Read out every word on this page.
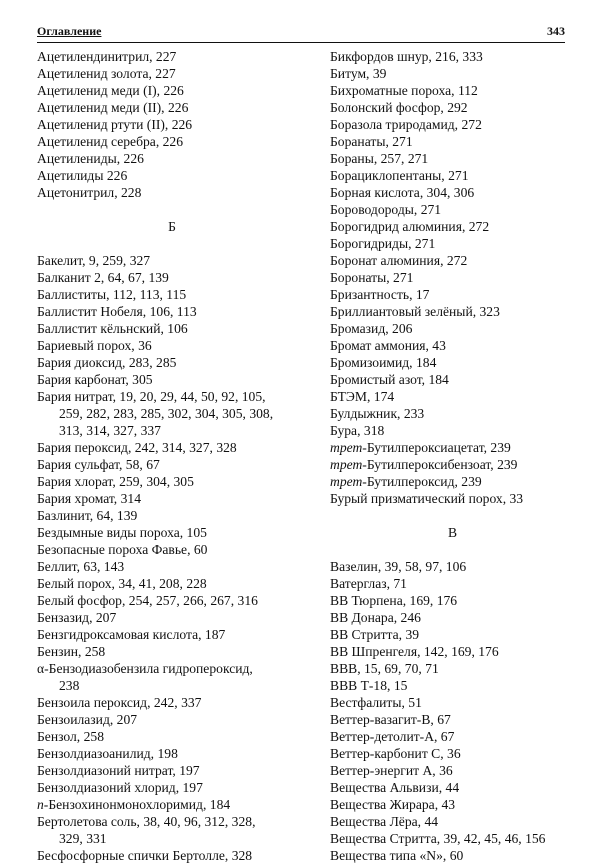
Оглавление	343
Ацетилендинитрил, 227
Ацетиленид золота, 227
Ацетиленид меди (I), 226
Ацетиленид меди (II), 226
Ацетиленид ртути (II), 226
Ацетиленид серебра, 226
Ацетилениды, 226
Ацетилиды 226
Ацетонитрил, 228
Б
Бакелит, 9, 259, 327
Балканит 2, 64, 67, 139
Баллиститы, 112, 113, 115
Баллистит Нобеля, 106, 113
Баллистит кёльнский, 106
Бариевый порох, 36
Бария диоксид, 283, 285
Бария карбонат, 305
Бария нитрат, 19, 20, 29, 44, 50, 92, 105,
259, 282, 283, 285, 302, 304, 305, 308,
313, 314, 327, 337
Бария пероксид, 242, 314, 327, 328
Бария сульфат, 58, 67
Бария хлорат, 259, 304, 305
Бария хромат, 314
Базлинит, 64, 139
Бездымные виды пороха, 105
Безопасные пороха Фавье, 60
Беллит, 63, 143
Белый порох, 34, 41, 208, 228
Белый фосфор, 254, 257, 266, 267, 316
Бензазид, 207
Бензгидроксамовая кислота, 187
Бензин, 258
α-Бензодиазобензила гидропероксид,
238
Бензоила пероксид, 242, 337
Бензоилазид, 207
Бензол, 258
Бензолдиазоанилид, 198
Бензолдиазоний нитрат, 197
Бензолдиазоний хлорид, 197
n-Бензохинонмонохлоримид, 184
Бертолетова соль, 38, 40, 96, 312, 328,
329, 331
Бесфосфорные спички Бертолле, 328
Бикфордов шнур, 216, 333
Битум, 39
Бихроматные пороха, 112
Болонский фосфор, 292
Боразола триродамид, 272
Боранаты, 271
Бораны, 257, 271
Борациклопентаны, 271
Борная кислота, 304, 306
Бороводороды, 271
Борогидрид алюминия, 272
Борогидриды, 271
Боронат алюминия, 272
Боронаты, 271
Бризантность, 17
Бриллиантовый зелёный, 323
Бромазид, 206
Бромат аммония, 43
Бромизоимид, 184
Бромистый азот, 184
БТЭМ, 174
Булдыжник, 233
Бура, 318
трет-Бутилпероксиацетат, 239
трет-Бутилпероксибензоат, 239
трет-Бутилпероксид, 239
Бурый призматический порох, 33
В
Вазелин, 39, 58, 97, 106
Ватерглаз, 71
ВВ Тюрпена, 169, 176
ВВ Донара, 246
ВВ Стритта, 39
ВВ Шпренгеля, 142, 169, 176
ВВВ, 15, 69, 70, 71
ВВВ Т-18, 15
Вестфалиты, 51
Веттер-вазагит-В, 67
Веттер-детолит-А, 67
Веттер-карбонит С, 36
Веттер-энергит А, 36
Вещества Альвизи, 44
Вещества Жирара, 43
Вещества Лёра, 44
Вещества Стритта, 39, 42, 45, 46, 156
Вещества типа «N», 60
